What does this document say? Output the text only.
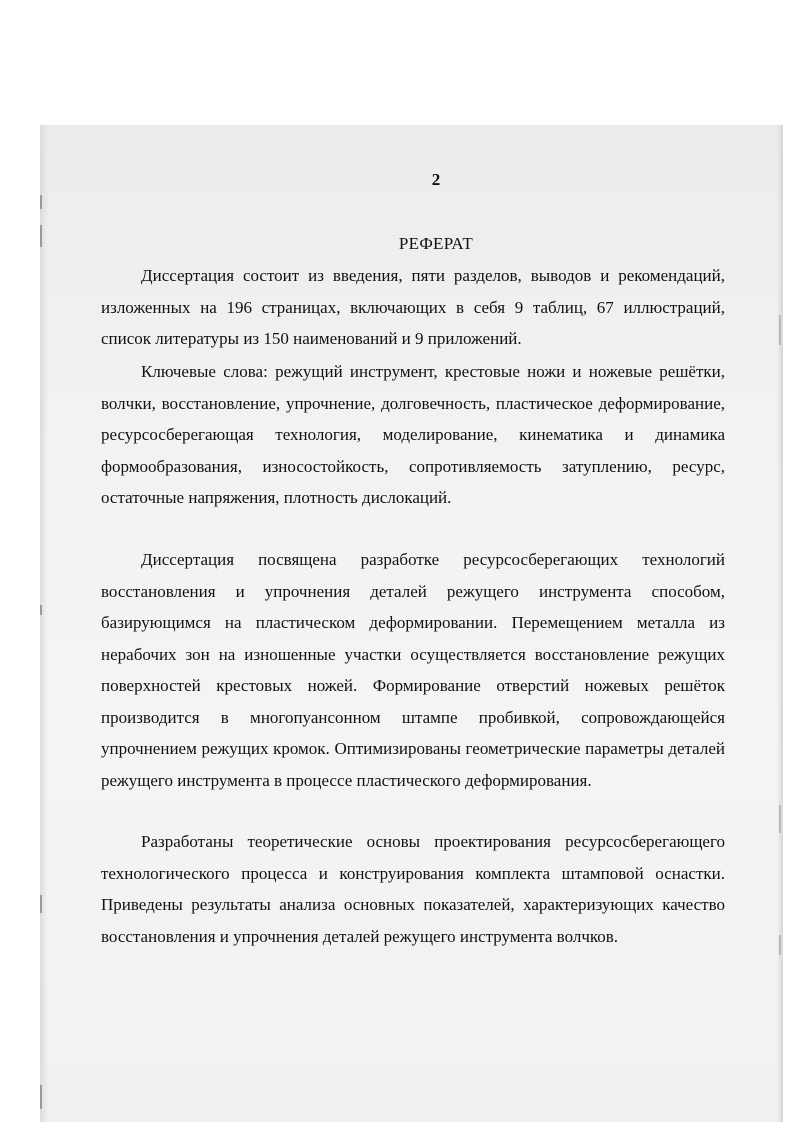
2
РЕФЕРАТ

Диссертация состоит из введения, пяти разделов, выводов и рекомендаций, изложенных на 196 страницах, включающих в себя 9 таблиц, 67 иллюстраций, список литературы из 150 наименований и 9 приложений.

Ключевые слова: режущий инструмент, крестовые ножи и ножевые решётки, волчки, восстановление, упрочнение, долговечность, пластическое деформирование, ресурсосберегающая технология, моделирование, кинематика и динамика формообразования, износостойкость, сопротивляемость затуплению, ресурс, остаточные напряжения, плотность дислокаций.

Диссертация посвящена разработке ресурсосберегающих технологий восстановления и упрочнения деталей режущего инструмента способом, базирующимся на пластическом деформировании. Перемещением металла из нерабочих зон на изношенные участки осуществляется восстановление режущих поверхностей крестовых ножей. Формирование отверстий ножевых решёток производится в многопуансонном штампе пробивкой, сопровождающейся упрочнением режущих кромок. Оптимизированы геометрические параметры деталей режущего инструмента в процессе пластического деформирования.

Разработаны теоретические основы проектирования ресурсосберегающего технологического процесса и конструирования комплекта штамповой оснастки. Приведены результаты анализа основных показателей, характеризующих качество восстановления и упрочнения деталей режущего инструмента волчков.
